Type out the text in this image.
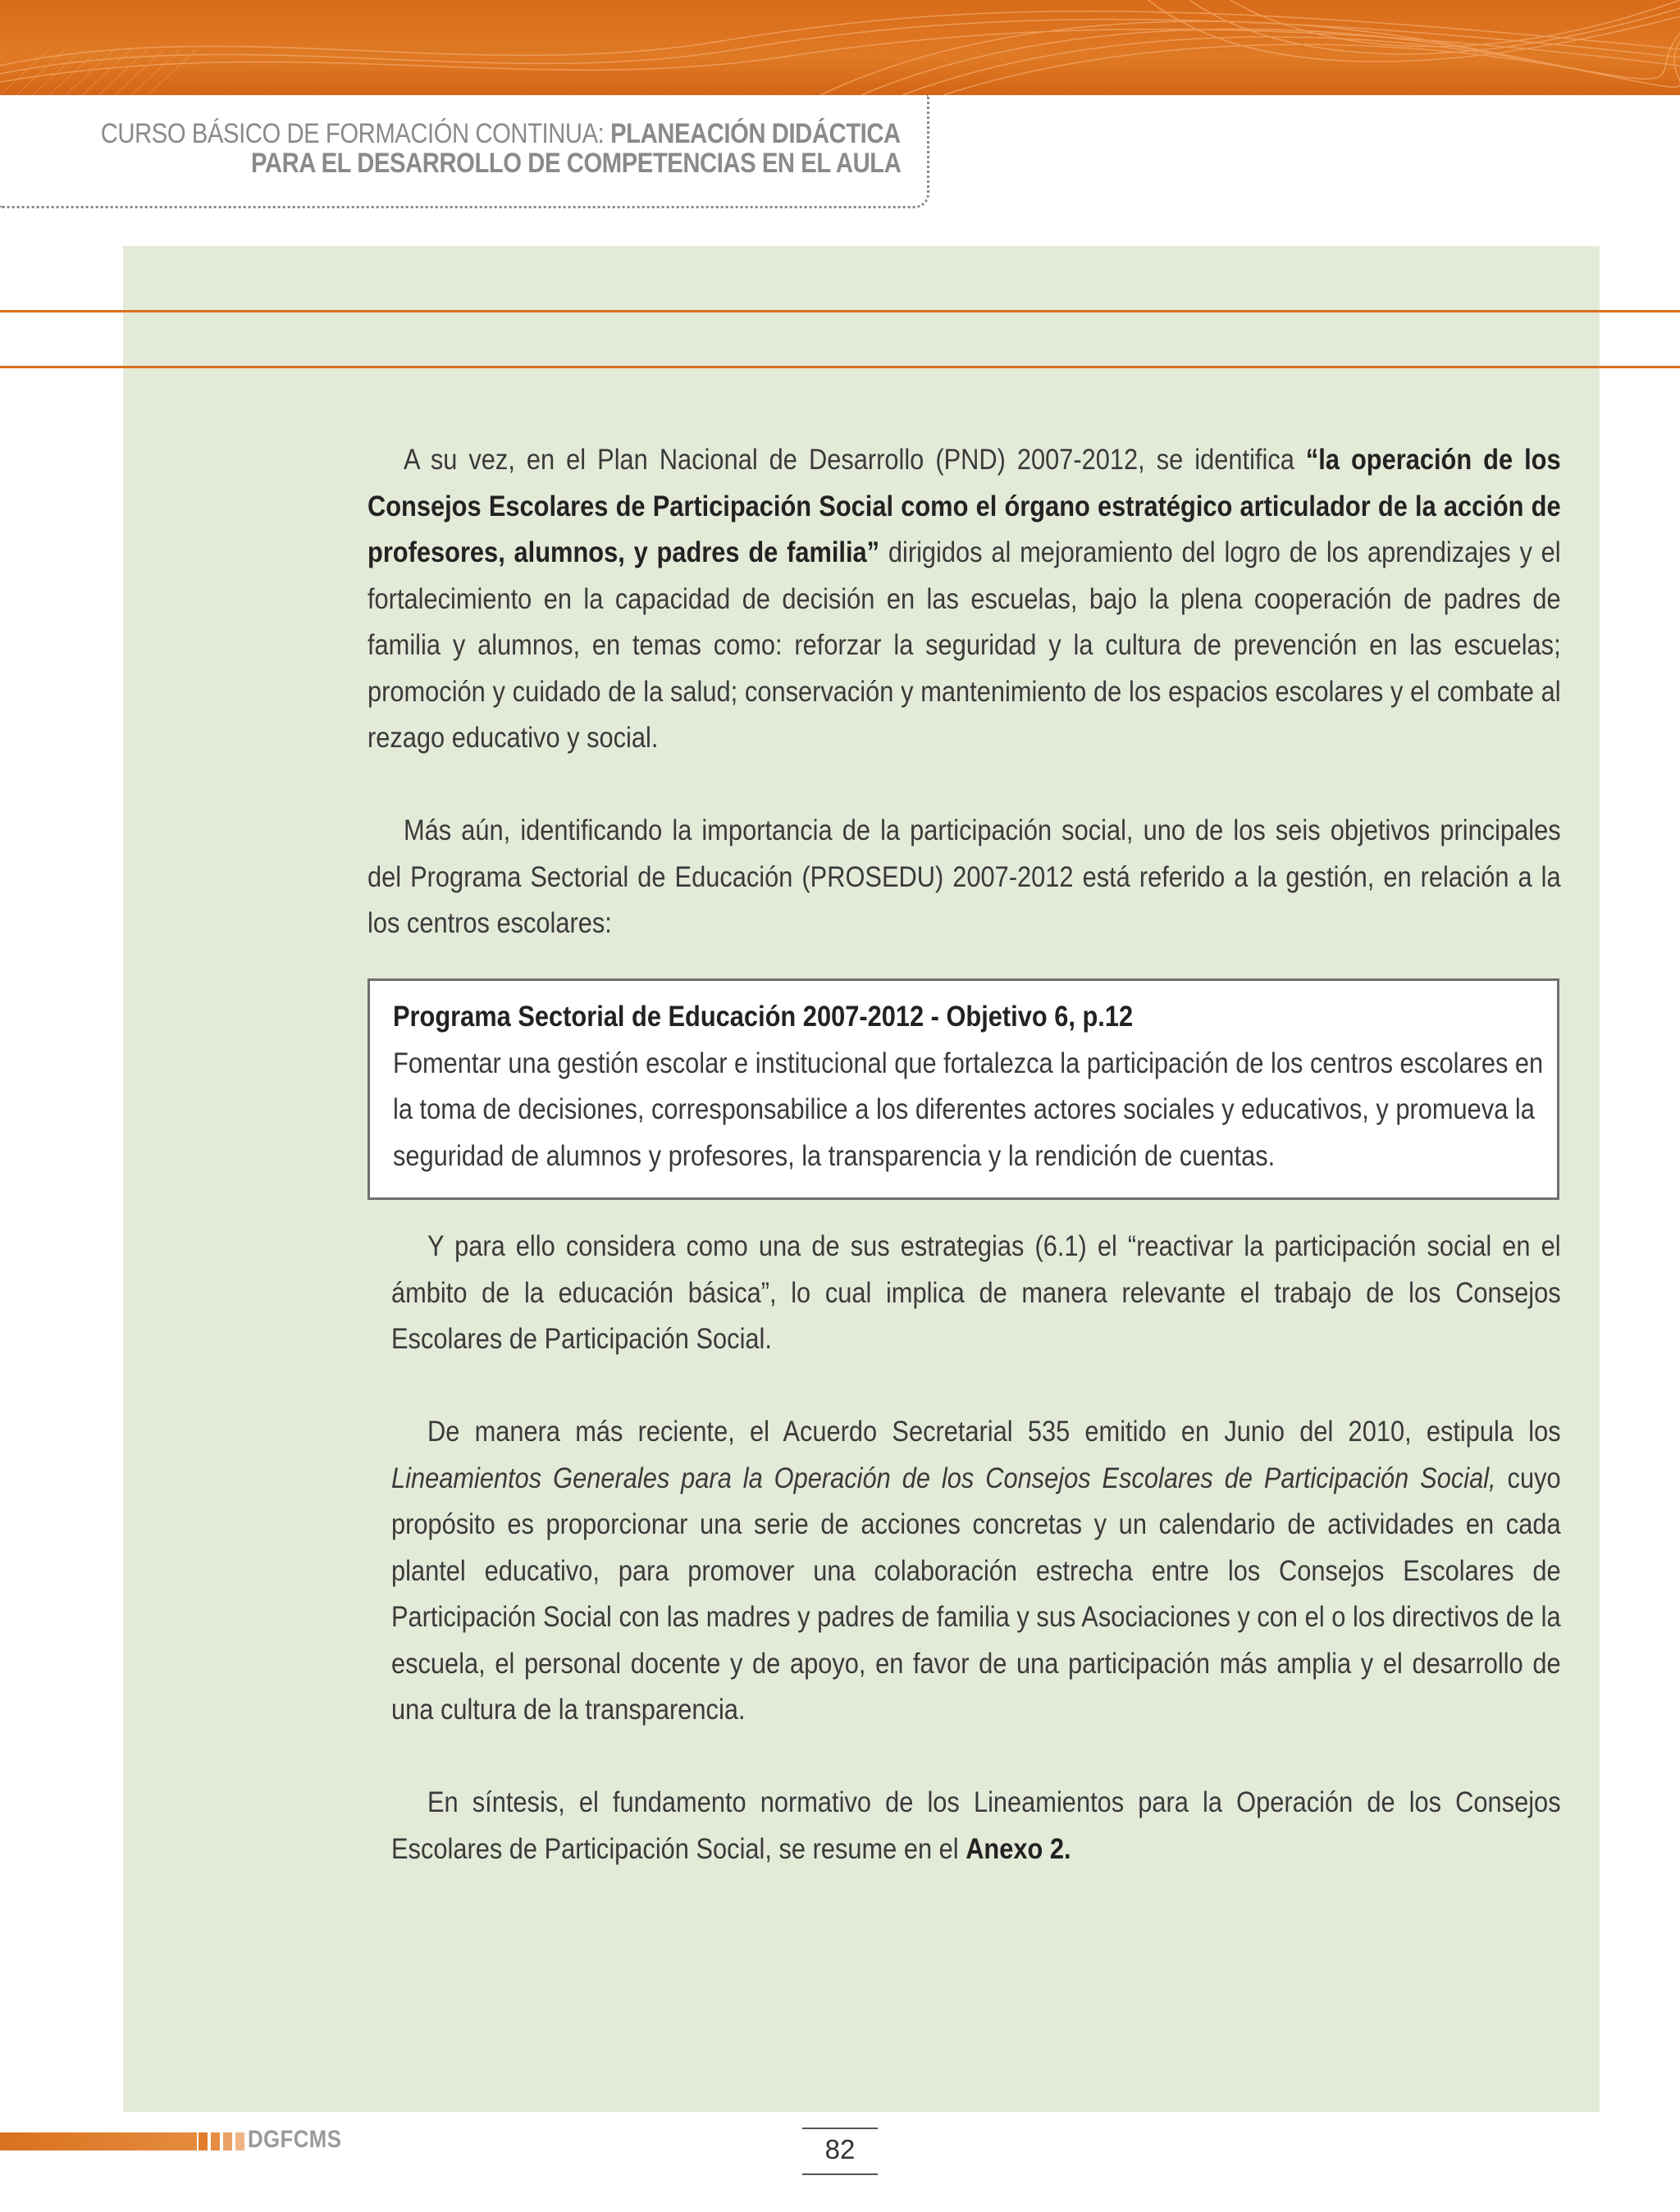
CURSO BÁSICO DE FORMACIÓN CONTINUA: PLANEACIÓN DIDÁCTICA
PARA EL DESARROLLO DE COMPETENCIAS EN EL AULA
A su vez, en el Plan Nacional de Desarrollo (PND) 2007-2012, se identifica “la operación de los Consejos Escolares de Participación Social como el órgano estratégico articulador de la acción de profesores, alumnos, y padres de familia” dirigidos al mejoramiento del logro de los aprendizajes y el fortalecimiento en la capacidad de decisión en las escuelas, bajo la plena cooperación de padres de familia y alumnos, en temas como: reforzar la seguridad y la cultura de prevención en las escuelas; promoción y cuidado de la salud; conservación y mantenimiento de los espacios escolares y el combate al rezago educativo y social.
Más aún, identificando la importancia de la participación social, uno de los seis objetivos principales del Programa Sectorial de Educación (PROSEDU) 2007-2012 está referido a la gestión, en relación a la los centros escolares:
Programa Sectorial de Educación 2007-2012 - Objetivo 6, p.12
Fomentar una gestión escolar e institucional que fortalezca la participación de los centros escolares en la toma de decisiones, corresponsabilice a los diferentes actores sociales y educativos, y promueva la seguridad de alumnos y profesores, la transparencia y la rendición de cuentas.
Y para ello considera como una de sus estrategias (6.1) el “reactivar la participación social en el ámbito de la educación básica”, lo cual implica de manera relevante el trabajo de los Consejos Escolares de Participación Social.
De manera más reciente, el Acuerdo Secretarial 535 emitido en Junio del 2010, estipula los Lineamientos Generales para la Operación de los Consejos Escolares de Participación Social, cuyo propósito es proporcionar una serie de acciones concretas y un calendario de actividades en cada plantel educativo, para promover una colaboración estrecha entre los Consejos Escolares de Participación Social con las madres y padres de familia y sus Asociaciones y con el o los directivos de la escuela, el personal docente y de apoyo, en favor de una participación más amplia y el desarrollo de una cultura de la transparencia.
En síntesis, el fundamento normativo de los Lineamientos para la Operación de los Consejos Escolares de Participación Social, se resume en el Anexo 2.
DGFCMS	82
